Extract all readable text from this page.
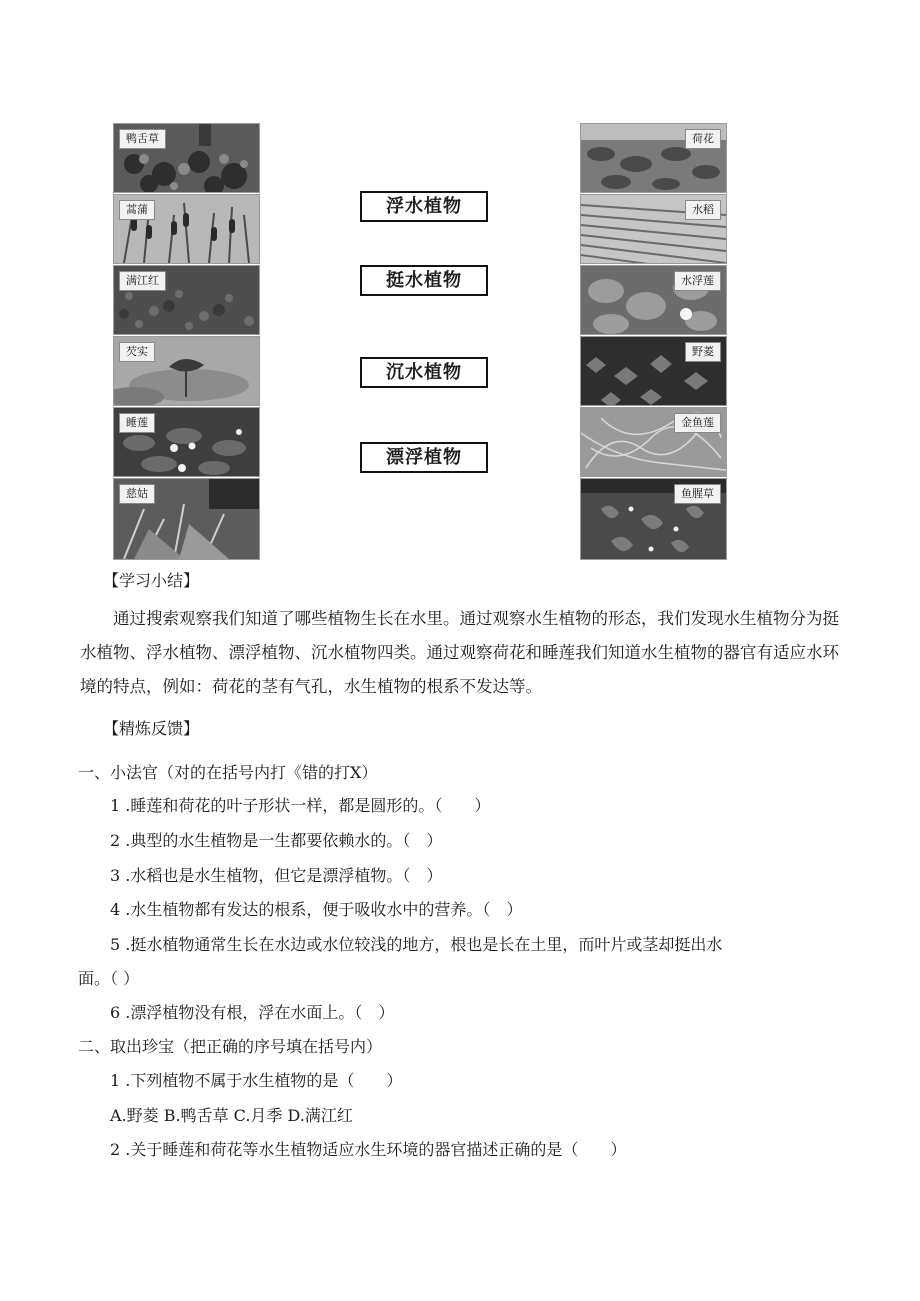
鸭舌草
蒿蒲
满江红
芡实
睡莲
慈姑
浮水植物
挺水植物
沉水植物
漂浮植物
荷花
水稻
水浮莲
野菱
金鱼莲
鱼腥草
【学习小结】
通过搜索观察我们知道了哪些植物生长在水里。通过观察水生植物的形态，我们发现水生植物分为挺水植物、浮水植物、漂浮植物、沉水植物四类。通过观察荷花和睡莲我们知道水生植物的器官有适应水环境的特点，例如：荷花的茎有气孔，水生植物的根系不发达等。
【精炼反馈】
一、小法官（对的在括号内打《错的打X）
1 .睡莲和荷花的叶子形状一样，都是圆形的。（　　）
2 .典型的水生植物是一生都要依赖水的。（　）
3 .水稻也是水生植物，但它是漂浮植物。（　）
4 .水生植物都有发达的根系，便于吸收水中的营养。（　）
5 .挺水植物通常生长在水边或水位较浅的地方，根也是长在土里，而叶片或茎却挺出水
面。（ ）
6 .漂浮植物没有根，浮在水面上。（　）
二、取出珍宝（把正确的序号填在括号内）
1 .下列植物不属于水生植物的是（　　）
A.野菱 B.鸭舌草 C.月季 D.满江红
2 .关于睡莲和荷花等水生植物适应水生环境的器官描述正确的是（　　）
